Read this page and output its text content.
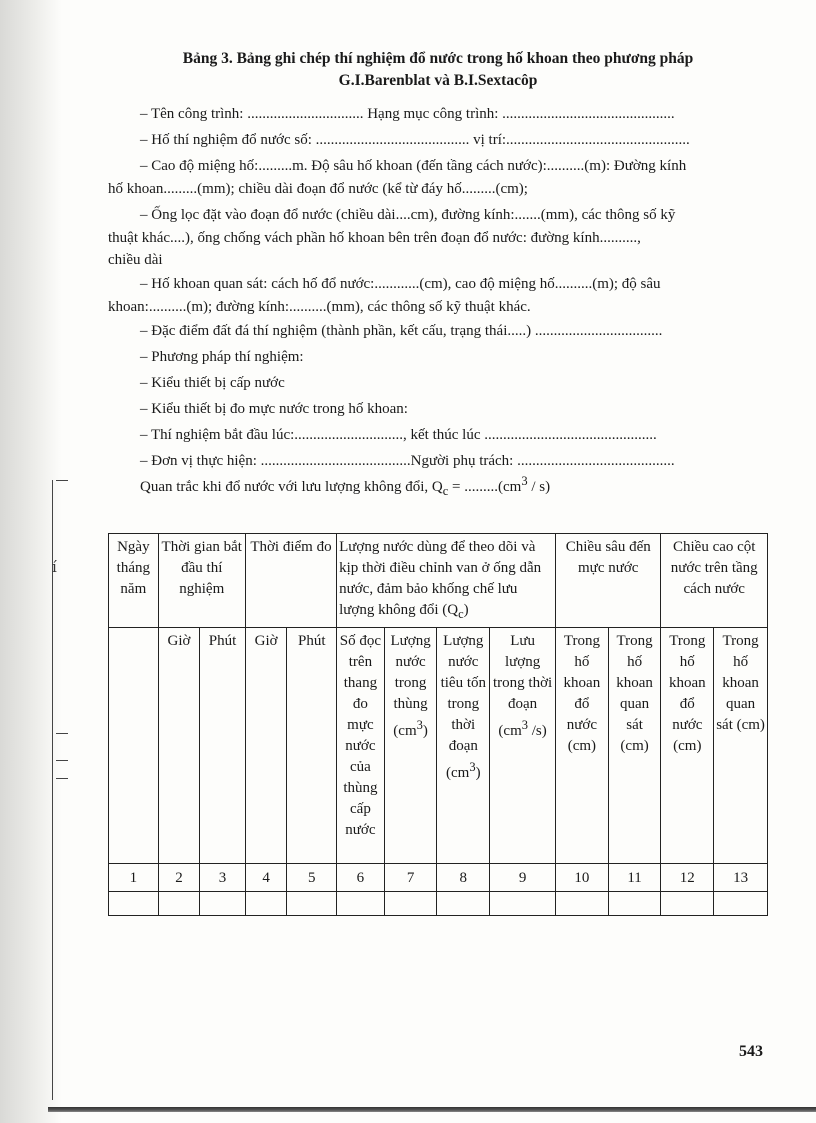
í
Bảng 3. Bảng ghi chép thí nghiệm đổ nước trong hố khoan theo phương pháp
G.I.Barenblat và B.I.Sextacôp
– Tên công trình: ............................... Hạng mục công trình: ..............................................
– Hố thí nghiệm đổ nước số: ......................................... vị trí:.................................................
– Cao độ miệng hố:.........m. Độ sâu hố khoan (đến tầng cách nước):..........(m): Đường kính
hố khoan.........(mm); chiều dài đoạn đổ nước (kể từ đáy hố.........(cm);
– Ống lọc đặt vào đoạn đổ nước (chiều dài....cm), đường kính:.......(mm), các thông số kỹ
thuật khác....), ống chống vách phần hố khoan bên trên đoạn đổ nước: đường kính..........,
chiều dài
– Hố khoan quan sát: cách hố đổ nước:............(cm), cao độ miệng hố..........(m); độ sâu
khoan:..........(m); đường kính:..........(mm), các thông số kỹ thuật khác.
– Đặc điểm đất đá thí nghiệm (thành phần, kết cấu, trạng thái.....) ..................................
– Phương pháp thí nghiệm:
– Kiểu thiết bị cấp nước
– Kiểu thiết bị đo mực nước trong hố khoan:
– Thí nghiệm bắt đầu lúc:............................., kết thúc lúc ..............................................
– Đơn vị thực hiện: ........................................Người phụ trách: ..........................................
Quan trắc khi đổ nước với lưu lượng không đổi, $Q_c = .........(cm^3 / s)$
Ngày tháng năm	Thời gian bắt đầu thí nghiệm		Thời điểm đo		Lượng nước dùng để theo dõi và kịp thời điều chỉnh van ở ống dẫn nước, đảm bảo khống chế lưu lượng không đổi $(Q_c)$				Chiều sâu đến mực nước		Chiều cao cột nước trên tầng cách nước	
	Giờ	Phút	Giờ	Phút	Số đọc trên thang đo mực nước của thùng cấp nước	Lượng nước trong thùng $(cm^3)$	Lượng nước tiêu tốn trong thời đoạn $(cm^3)$	Lưu lượng trong thời đoạn ($cm^3$ /s)	Trong hố khoan đổ nước (cm)	Trong hố khoan quan sát (cm)	Trong hố khoan đổ nước (cm)	Trong hố khoan quan sát (cm)
1	2	3	4	5	6	7	8	9	10	11	12	13

543
